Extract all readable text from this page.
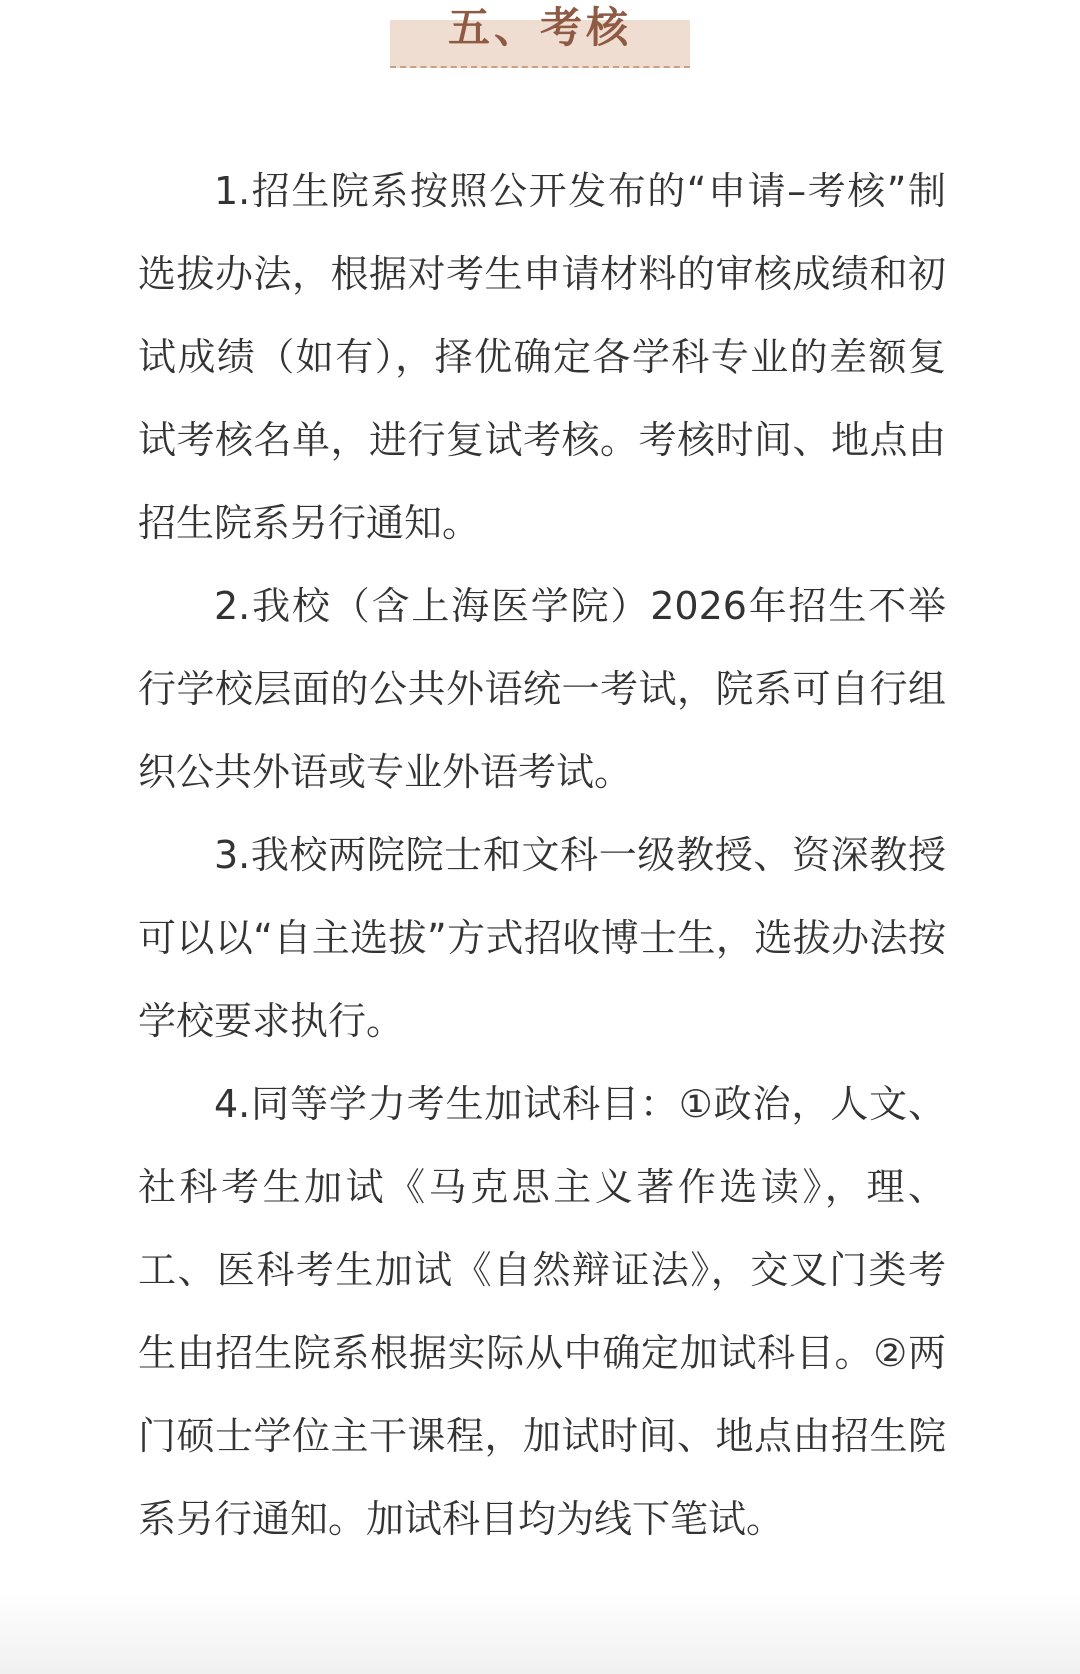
五、考核

1.招生院系按照公开发布的“申请–考核”制选拔办法，根据对考生申请材料的审核成绩和初试成绩（如有），择优确定各学科专业的差额复试考核名单，进行复试考核。考核时间、地点由招生院系另行通知。

2.我校（含上海医学院）2026年招生不举行学校层面的公共外语统一考试，院系可自行组织公共外语或专业外语考试。

3.我校两院院士和文科一级教授、资深教授可以以“自主选拔”方式招收博士生，选拔办法按学校要求执行。

4.同等学力考生加试科目：①政治，人文、社科考生加试《马克思主义著作选读》，理、工、医科考生加试《自然辩证法》，交叉门类考生由招生院系根据实际从中确定加试科目。②两门硕士学位主干课程，加试时间、地点由招生院系另行通知。加试科目均为线下笔试。
